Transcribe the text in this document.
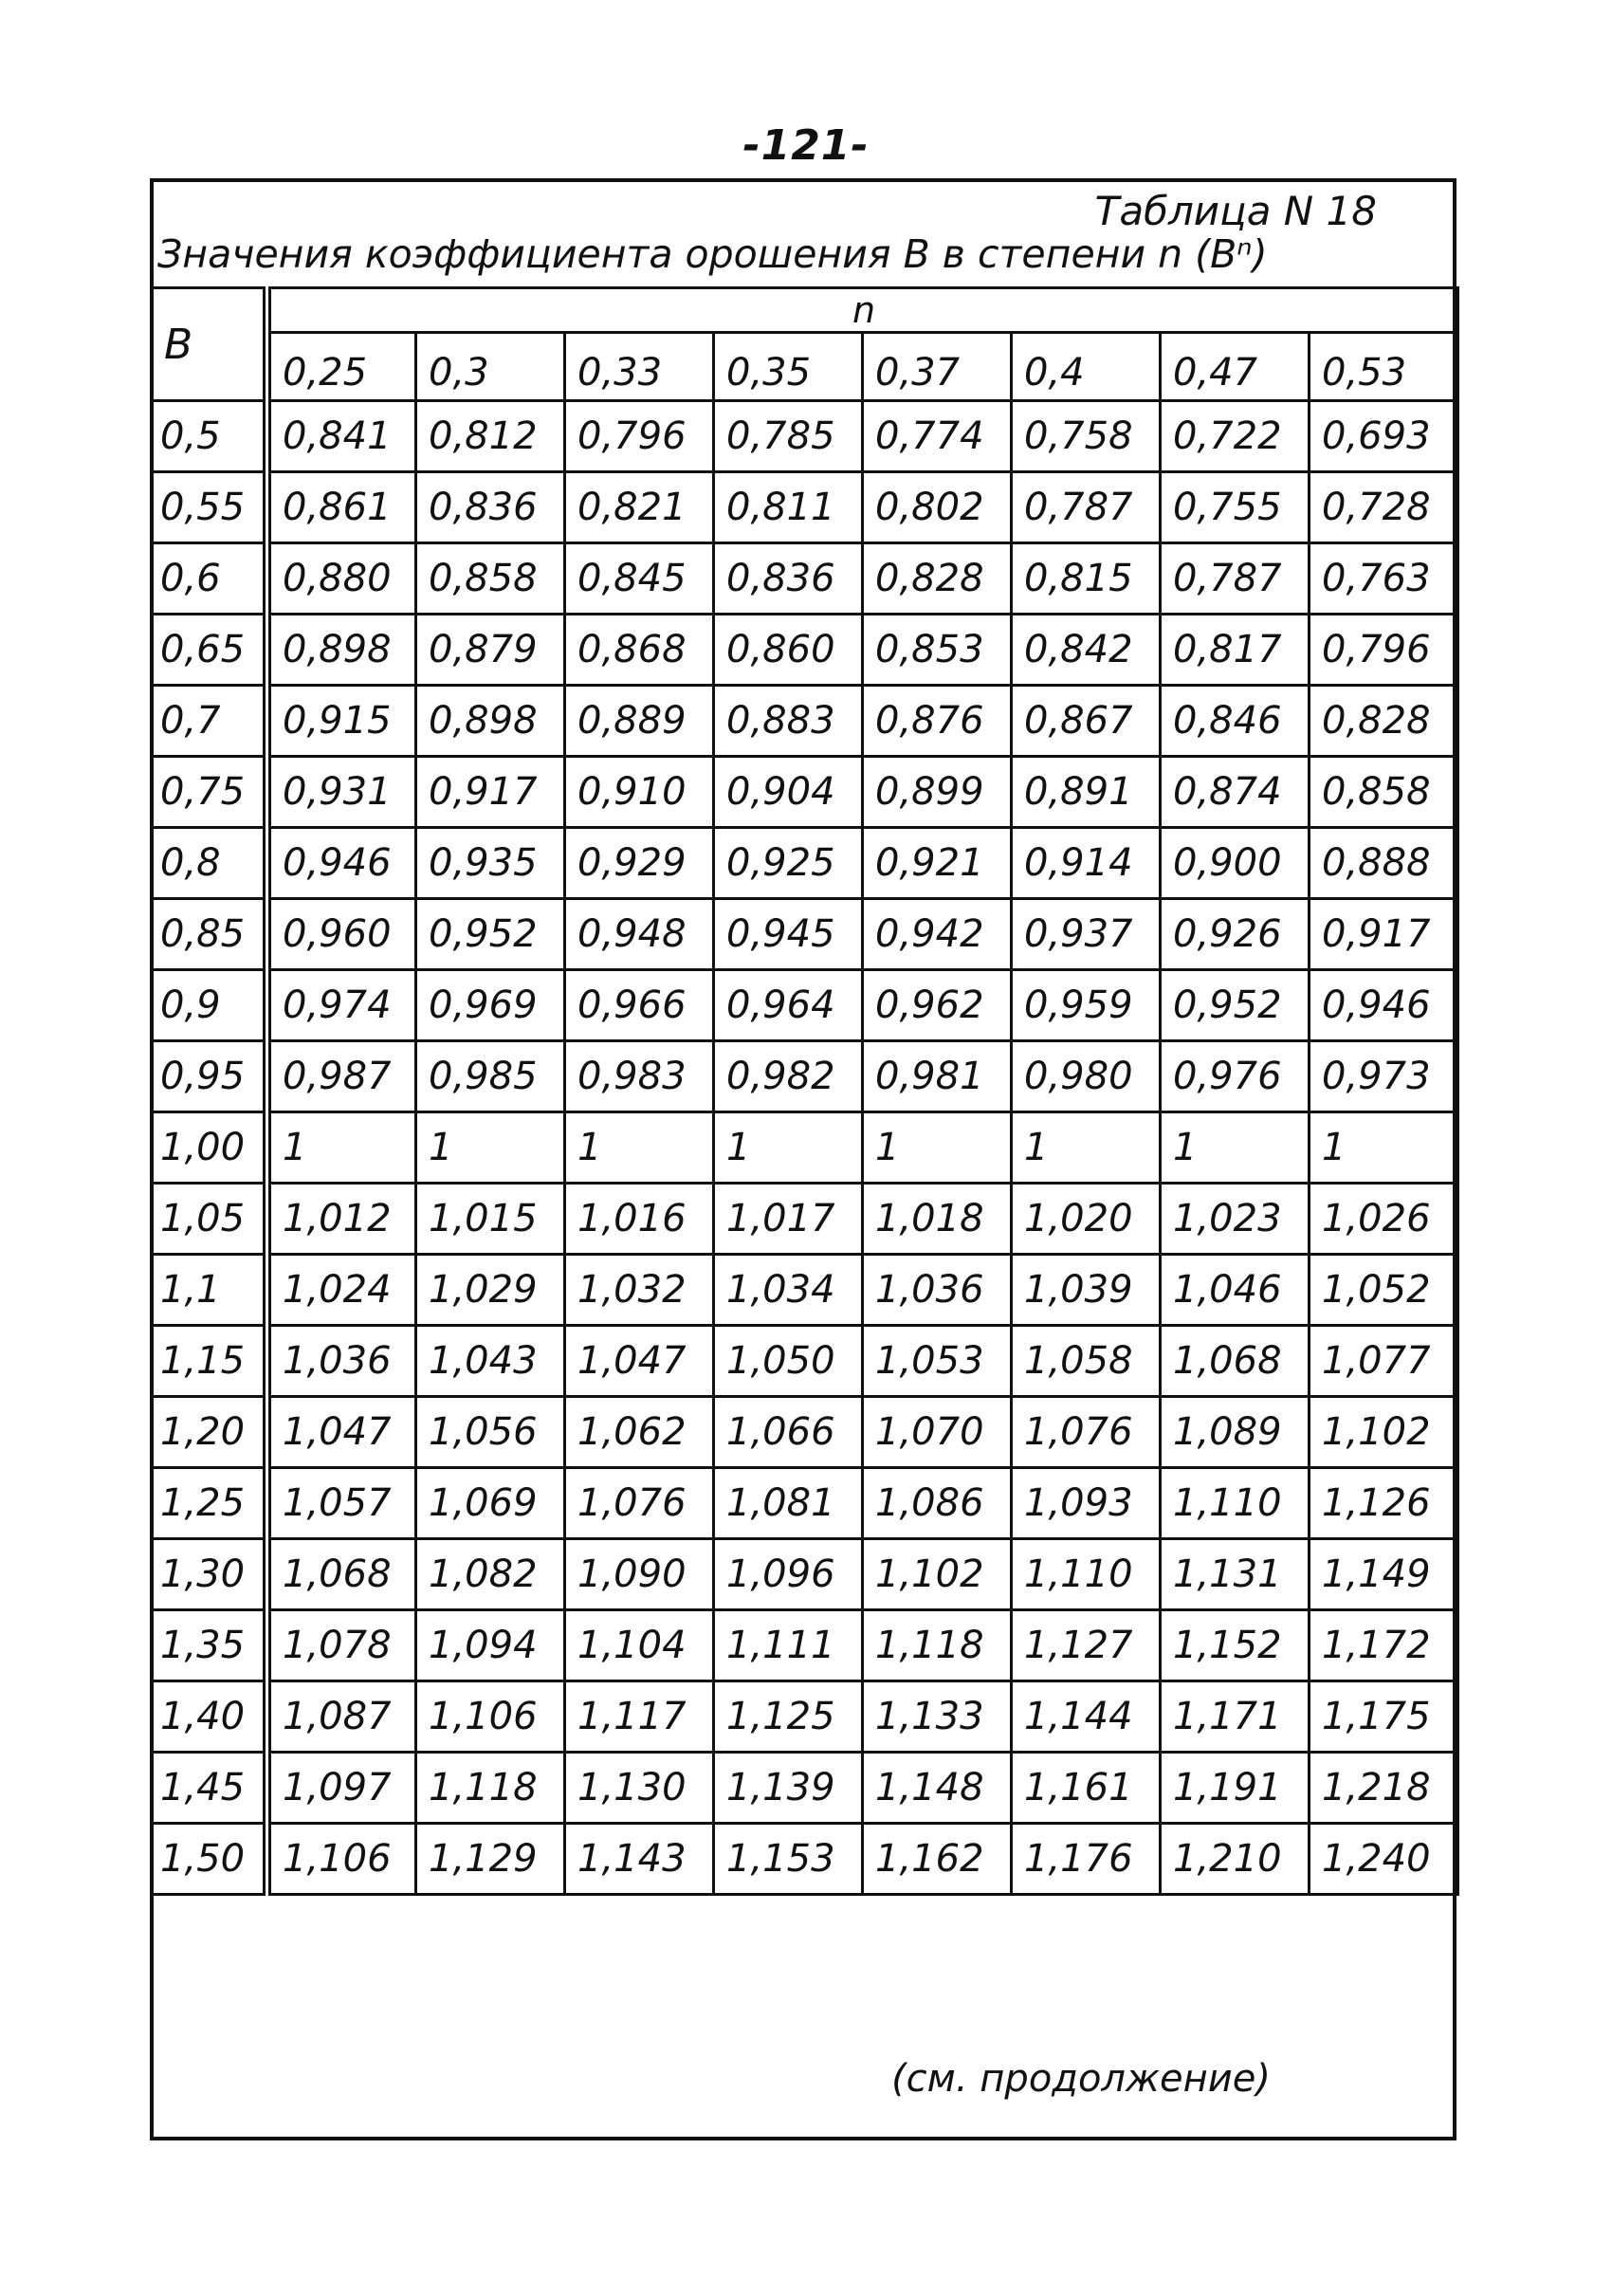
-121-
Таблица N 18
Значения коэффициента орошения B в степени n (Bⁿ)
B	n							
	0,25	0,3	0,33	0,35	0,37	0,4	0,47	0,53
0,5	0,841	0,812	0,796	0,785	0,774	0,758	0,722	0,693
0,55	0,861	0,836	0,821	0,811	0,802	0,787	0,755	0,728
0,6	0,880	0,858	0,845	0,836	0,828	0,815	0,787	0,763
0,65	0,898	0,879	0,868	0,860	0,853	0,842	0,817	0,796
0,7	0,915	0,898	0,889	0,883	0,876	0,867	0,846	0,828
0,75	0,931	0,917	0,910	0,904	0,899	0,891	0,874	0,858
0,8	0,946	0,935	0,929	0,925	0,921	0,914	0,900	0,888
0,85	0,960	0,952	0,948	0,945	0,942	0,937	0,926	0,917
0,9	0,974	0,969	0,966	0,964	0,962	0,959	0,952	0,946
0,95	0,987	0,985	0,983	0,982	0,981	0,980	0,976	0,973
1,00	1	1	1	1	1	1	1	1
1,05	1,012	1,015	1,016	1,017	1,018	1,020	1,023	1,026
1,1	1,024	1,029	1,032	1,034	1,036	1,039	1,046	1,052
1,15	1,036	1,043	1,047	1,050	1,053	1,058	1,068	1,077
1,20	1,047	1,056	1,062	1,066	1,070	1,076	1,089	1,102
1,25	1,057	1,069	1,076	1,081	1,086	1,093	1,110	1,126
1,30	1,068	1,082	1,090	1,096	1,102	1,110	1,131	1,149
1,35	1,078	1,094	1,104	1,111	1,118	1,127	1,152	1,172
1,40	1,087	1,106	1,117	1,125	1,133	1,144	1,171	1,175
1,45	1,097	1,118	1,130	1,139	1,148	1,161	1,191	1,218
1,50	1,106	1,129	1,143	1,153	1,162	1,176	1,210	1,240

(см. продолжение)
